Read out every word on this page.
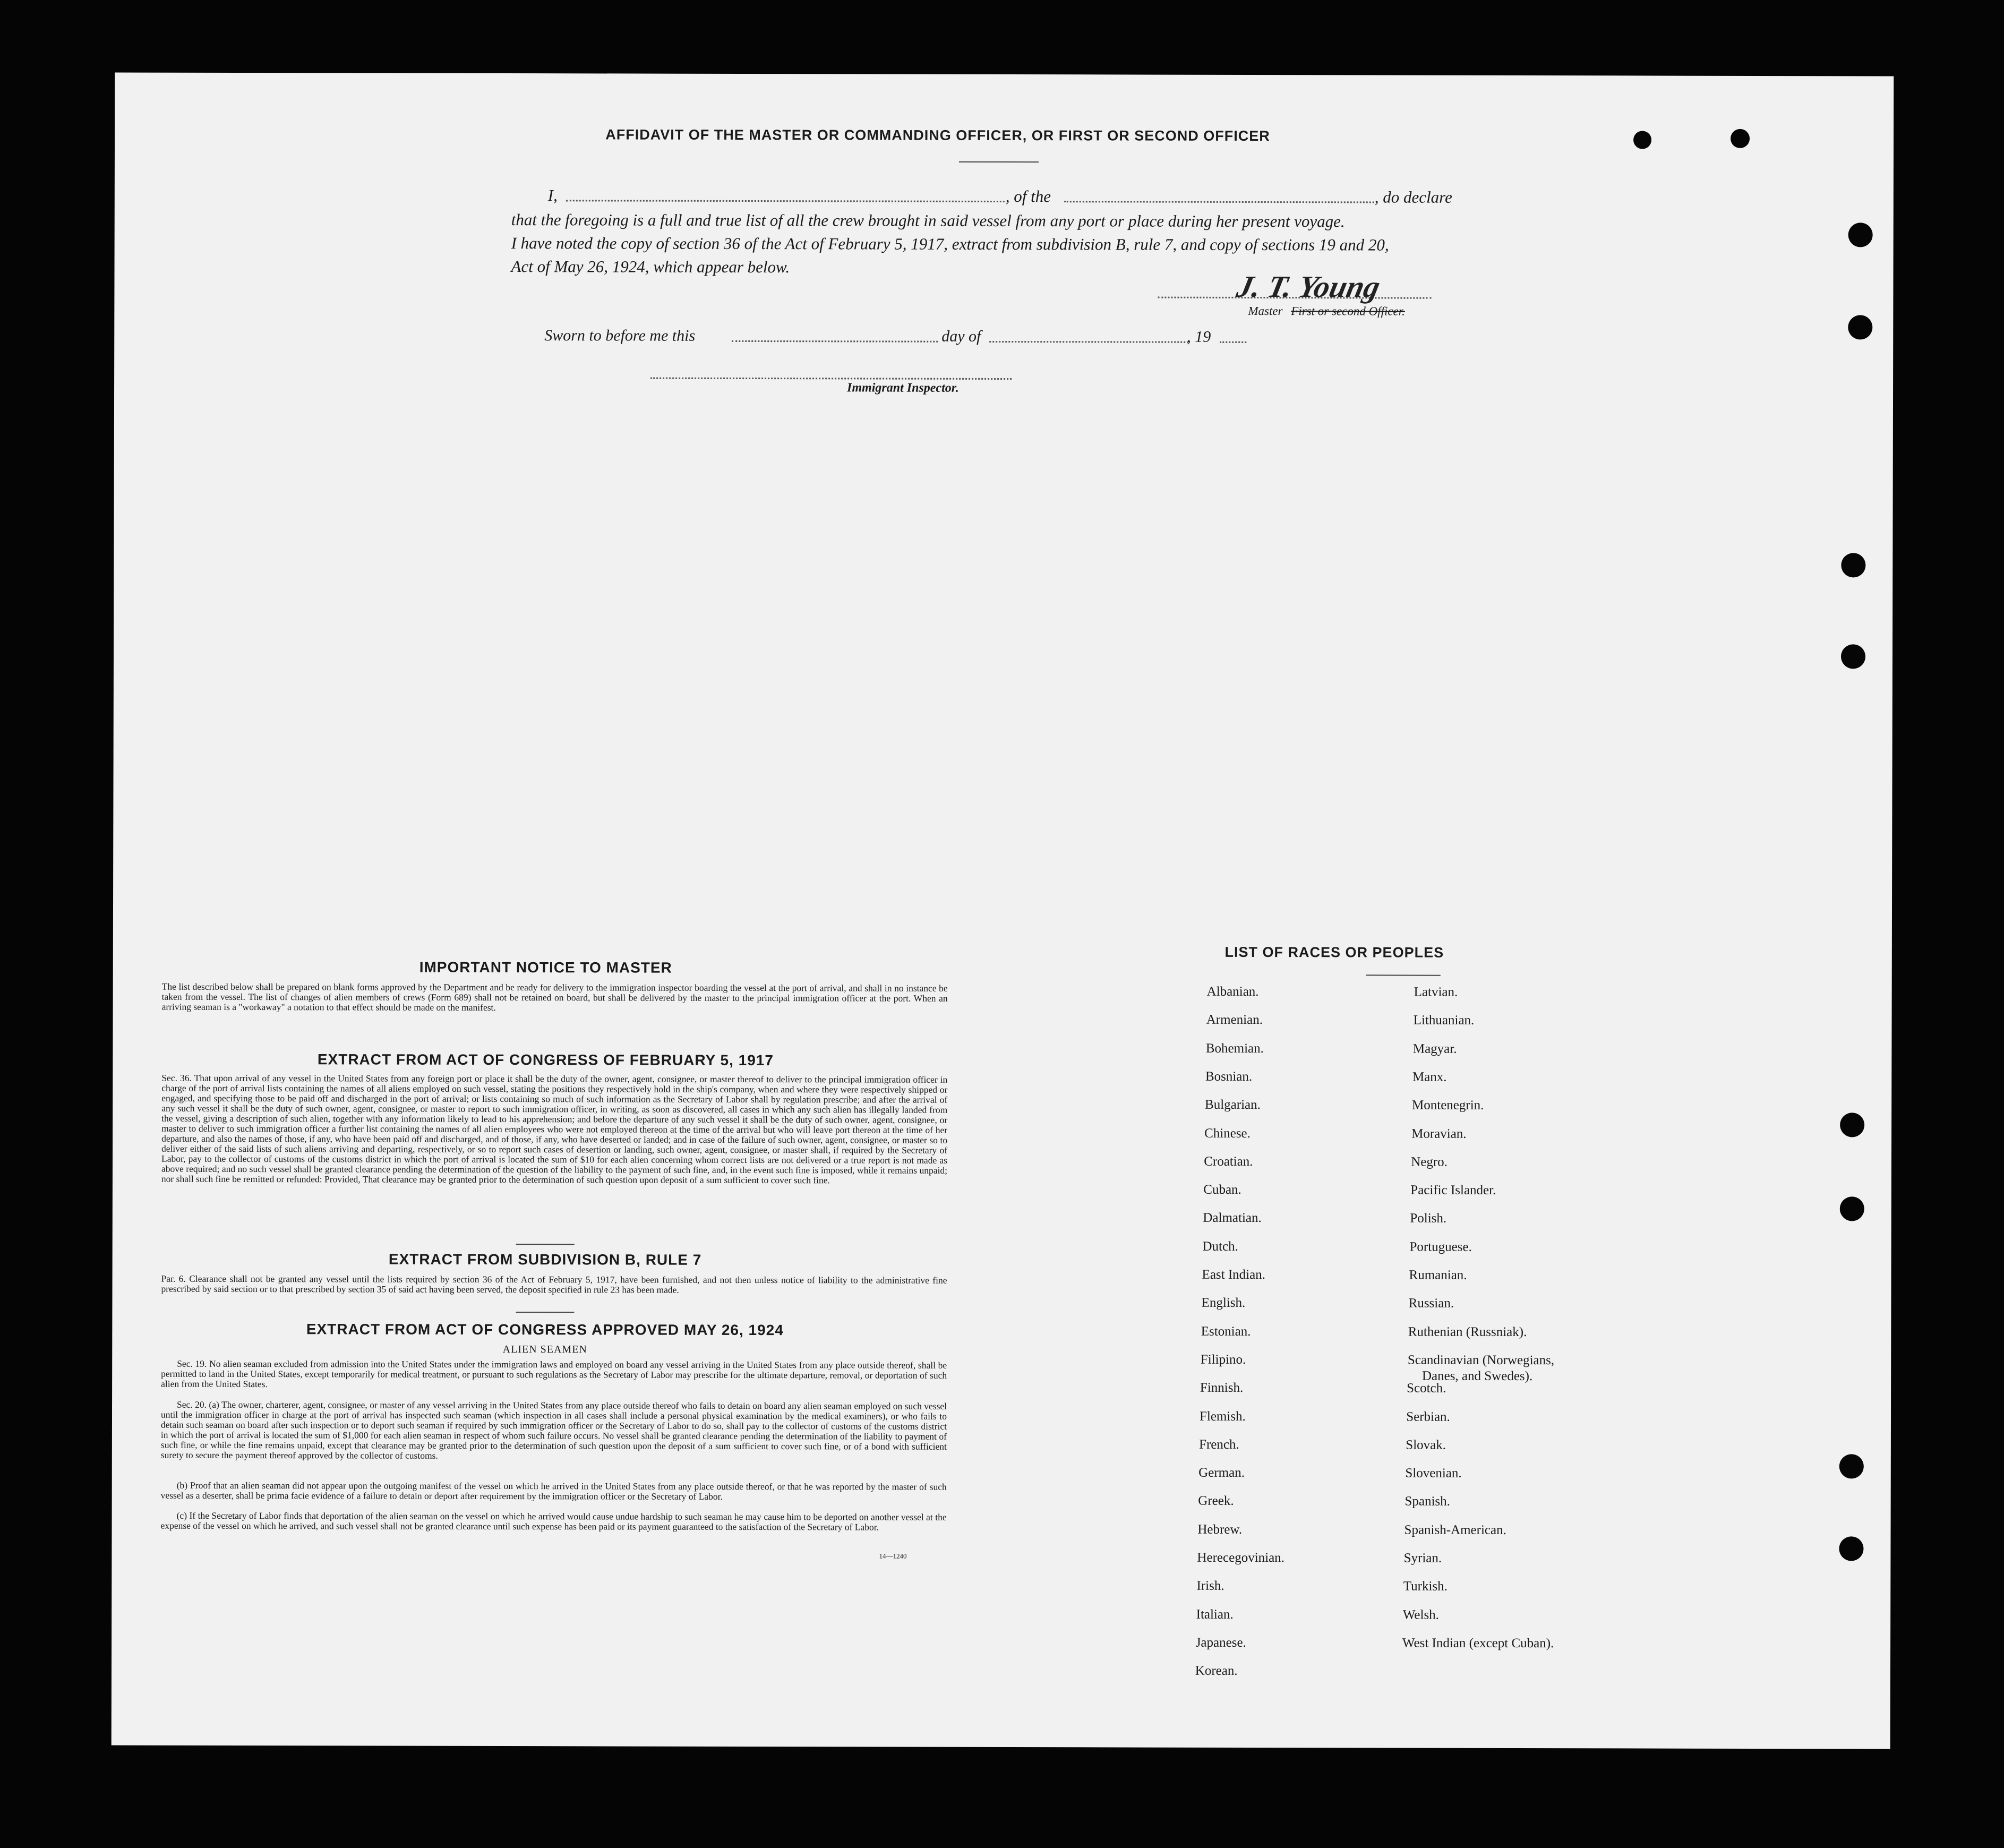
AFFIDAVIT OF THE MASTER OR COMMANDING OFFICER, OR FIRST OR SECOND OFFICER
I,	, of the	, do declare
that the foregoing is a full and true list of all the crew brought in said vessel from any port or place during her present voyage.
I have noted the copy of section 36 of the Act of February 5, 1917, extract from subdivision B, rule 7, and copy of sections 19 and 20,
Act of May 26, 1924, which appear below.
J. T. Young
Master First or second Officer.
Sworn to before me this	day of	, 19
Immigrant Inspector.
IMPORTANT NOTICE TO MASTER
The list described below shall be prepared on blank forms approved by the Department and be ready for delivery to the immigration inspector boarding the vessel at the port of arrival, and shall in no instance be taken from the vessel. The list of changes of alien members of crews (Form 689) shall not be retained on board, but shall be delivered by the master to the principal immigration officer at the port. When an arriving seaman is a "workaway" a notation to that effect should be made on the manifest.
EXTRACT FROM ACT OF CONGRESS OF FEBRUARY 5, 1917
Sec. 36. That upon arrival of any vessel in the United States from any foreign port or place it shall be the duty of the owner, agent, consignee, or master thereof to deliver to the principal immigration officer in charge of the port of arrival lists containing the names of all aliens employed on such vessel, stating the positions they respectively hold in the ship's company, when and where they were respectively shipped or engaged, and specifying those to be paid off and discharged in the port of arrival; or lists containing so much of such information as the Secretary of Labor shall by regulation prescribe; and after the arrival of any such vessel it shall be the duty of such owner, agent, consignee, or master to report to such immigration officer, in writing, as soon as discovered, all cases in which any such alien has illegally landed from the vessel, giving a description of such alien, together with any information likely to lead to his apprehension; and before the departure of any such vessel it shall be the duty of such owner, agent, consignee, or master to deliver to such immigration officer a further list containing the names of all alien employees who were not employed thereon at the time of the arrival but who will leave port thereon at the time of her departure, and also the names of those, if any, who have been paid off and discharged, and of those, if any, who have deserted or landed; and in case of the failure of such owner, agent, consignee, or master so to deliver either of the said lists of such aliens arriving and departing, respectively, or so to report such cases of desertion or landing, such owner, agent, consignee, or master shall, if required by the Secretary of Labor, pay to the collector of customs of the customs district in which the port of arrival is located the sum of $10 for each alien concerning whom correct lists are not delivered or a true report is not made as above required; and no such vessel shall be granted clearance pending the determination of the question of the liability to the payment of such fine, and, in the event such fine is imposed, while it remains unpaid; nor shall such fine be remitted or refunded: Provided, That clearance may be granted prior to the determination of such question upon deposit of a sum sufficient to cover such fine.
EXTRACT FROM SUBDIVISION B, RULE 7
Par. 6. Clearance shall not be granted any vessel until the lists required by section 36 of the Act of February 5, 1917, have been furnished, and not then unless notice of liability to the administrative fine prescribed by said section or to that prescribed by section 35 of said act having been served, the deposit specified in rule 23 has been made.
EXTRACT FROM ACT OF CONGRESS APPROVED MAY 26, 1924
ALIEN SEAMEN
Sec. 19. No alien seaman excluded from admission into the United States under the immigration laws and employed on board any vessel arriving in the United States from any place outside thereof, shall be permitted to land in the United States, except temporarily for medical treatment, or pursuant to such regulations as the Secretary of Labor may prescribe for the ultimate departure, removal, or deportation of such alien from the United States.
Sec. 20. (a) The owner, charterer, agent, consignee, or master of any vessel arriving in the United States from any place outside thereof who fails to detain on board any alien seaman employed on such vessel until the immigration officer in charge at the port of arrival has inspected such seaman (which inspection in all cases shall include a personal physical examination by the medical examiners), or who fails to detain such seaman on board after such inspection or to deport such seaman if required by such immigration officer or the Secretary of Labor to do so, shall pay to the collector of customs of the customs district in which the port of arrival is located the sum of $1,000 for each alien seaman in respect of whom such failure occurs. No vessel shall be granted clearance pending the determination of the liability to payment of such fine, or while the fine remains unpaid, except that clearance may be granted prior to the determination of such question upon the deposit of a sum sufficient to cover such fine, or of a bond with sufficient surety to secure the payment thereof approved by the collector of customs.
(b) Proof that an alien seaman did not appear upon the outgoing manifest of the vessel on which he arrived in the United States from any place outside thereof, or that he was reported by the master of such vessel as a deserter, shall be prima facie evidence of a failure to detain or deport after requirement by the immigration officer or the Secretary of Labor.
(c) If the Secretary of Labor finds that deportation of the alien seaman on the vessel on which he arrived would cause undue hardship to such seaman he may cause him to be deported on another vessel at the expense of the vessel on which he arrived, and such vessel shall not be granted clearance until such expense has been paid or its payment guaranteed to the satisfaction of the Secretary of Labor.
14—1240
LIST OF RACES OR PEOPLES
Albanian.
Armenian.
Bohemian.
Bosnian.
Bulgarian.
Chinese.
Croatian.
Cuban.
Dalmatian.
Dutch.
East Indian.
English.
Estonian.
Filipino.
Finnish.
Flemish.
French.
German.
Greek.
Hebrew.
Herecegovinian.
Irish.
Italian.
Japanese.
Korean.
Latvian.
Lithuanian.
Magyar.
Manx.
Montenegrin.
Moravian.
Negro.
Pacific Islander.
Polish.
Portuguese.
Rumanian.
Russian.
Ruthenian (Russniak).
Scandinavian (Norwegians,
Danes, and Swedes).
Scotch.
Serbian.
Slovak.
Slovenian.
Spanish.
Spanish-American.
Syrian.
Turkish.
Welsh.
West Indian (except Cuban).
